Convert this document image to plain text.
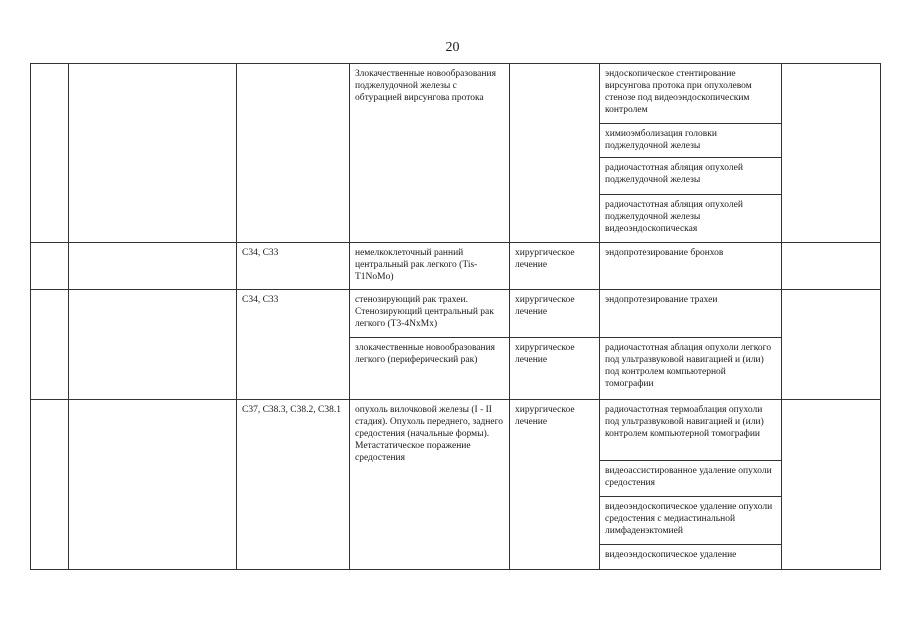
20
			Злокачественные новообразования поджелудочной железы с обтурацией вирсунгова протока		эндоскопическое стентирование вирсунгова протока при опухолевом стенозе под видеоэндоскопическим контролем	
					химиоэмболизация головки поджелудочной железы	
					радиочастотная абляция опухолей поджелудочной железы	
					радиочастотная абляция опухолей поджелудочной железы видеоэндоскопическая	
		C34, C33	немелкоклеточный ранний центральный рак легкого (Tis-T1NoMo)	хирургическое лечение	эндопротезирование бронхов	
		C34, C33	стенозирующий рак трахеи. Стенозирующий центральный рак легкого (T3-4NxMx)	хирургическое лечение	эндопротезирование трахеи	
			злокачественные новообразования легкого (периферический рак)	хирургическое лечение	радиочастотная аблация опухоли легкого под ультразвуковой навигацией и (или) под контролем компьютерной томографии	
		C37, C38.3, C38.2, C38.1	опухоль вилочковой железы (I - II стадия). Опухоль переднего, заднего средостения (начальные формы). Метастатическое поражение средостения	хирургическое лечение	радиочастотная термоаблация опухоли под ультразвуковой навигацией и (или) контролем компьютерной томографии	
					видеоассистированное удаление опухоли средостения	
					видеоэндоскопическое удаление опухоли средостения с медиастинальной лимфаденэктомией	
					видеоэндоскопическое удаление	
